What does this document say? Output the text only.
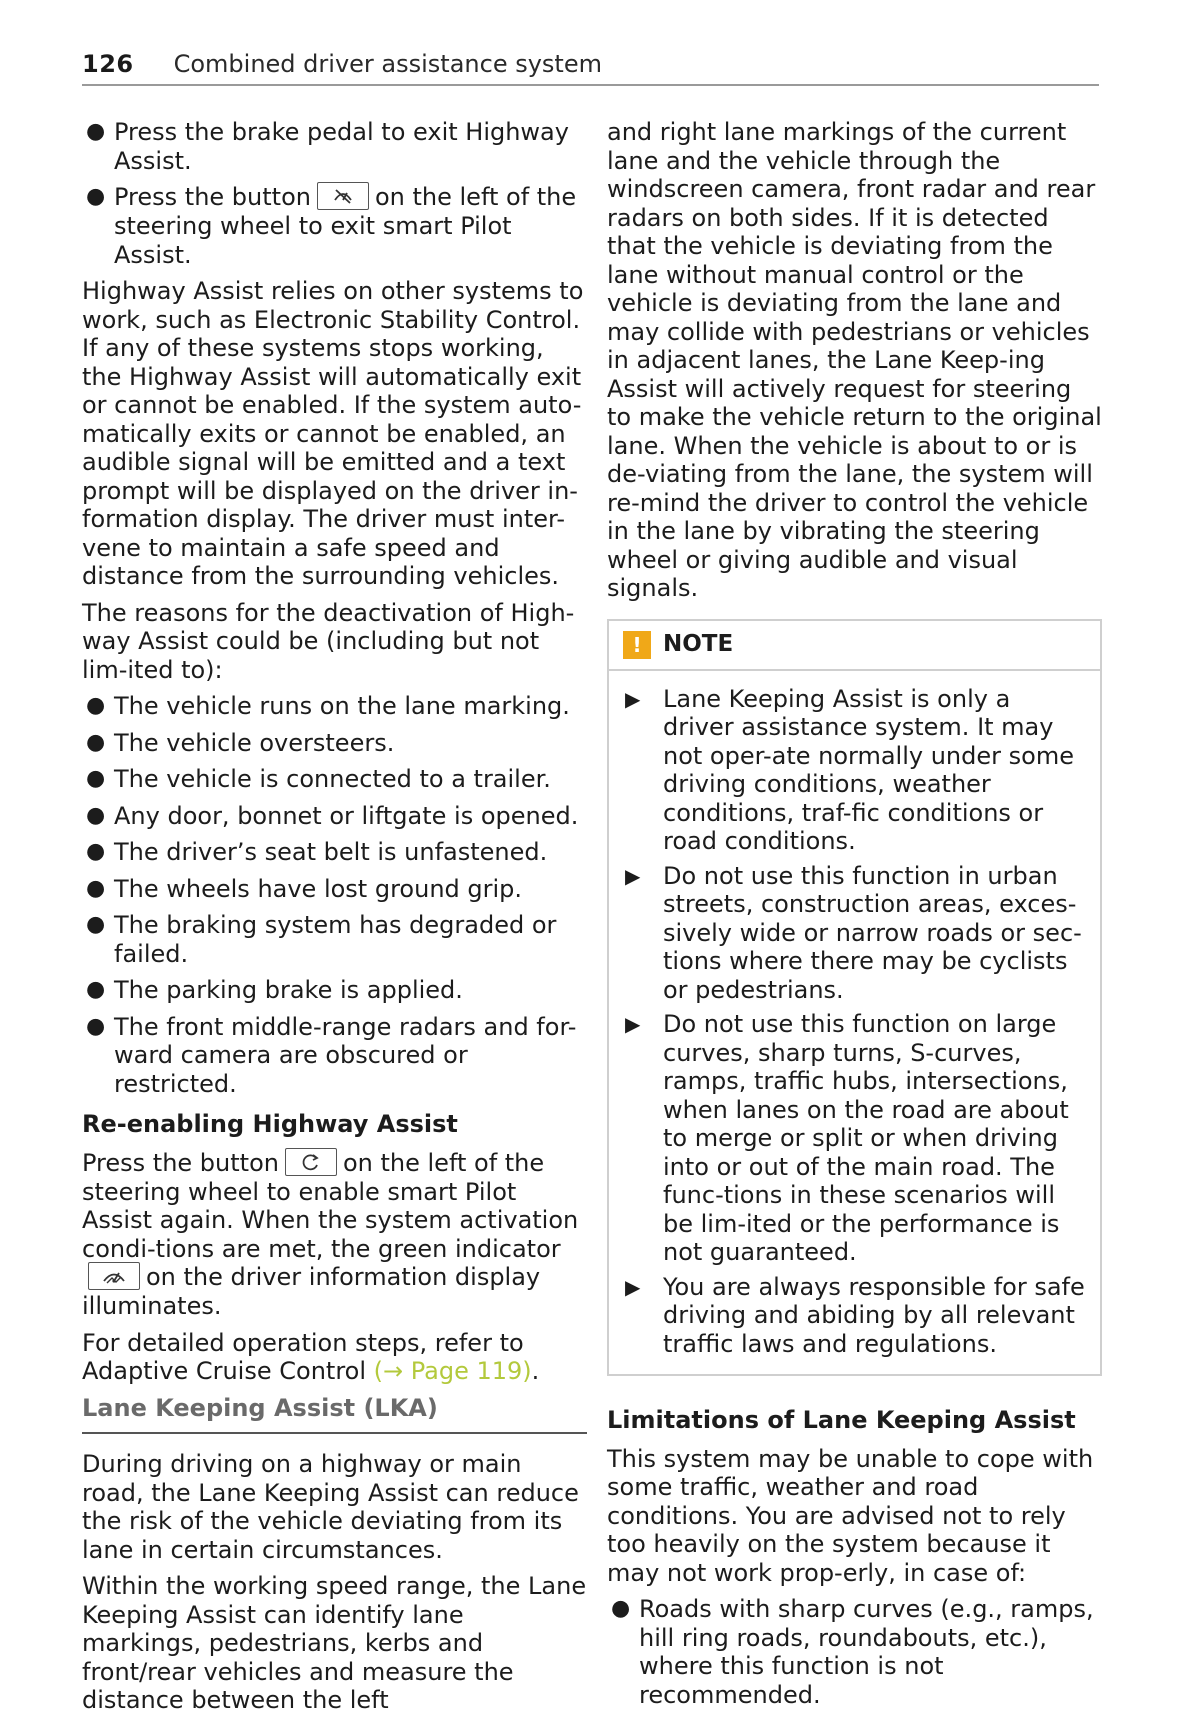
126 Combined driver assistance system
● Press the brake pedal to exit Highway Assist.
● Press the button	on the left of the steering wheel to exit smart Pilot Assist.

Highway Assist relies on other systems to work, such as Electronic Stability Control. If any of these systems stops working, the Highway Assist will automatically exit or cannot be enabled. If the system auto-matically exits or cannot be enabled, an audible signal will be emitted and a text prompt will be displayed on the driver in-formation display. The driver must inter-vene to maintain a safe speed and distance from the surrounding vehicles.

The reasons for the deactivation of High-way Assist could be (including but not lim-ited to):

● The vehicle runs on the lane marking.
● The vehicle oversteers.
● The vehicle is connected to a trailer.
● Any door, bonnet or liftgate is opened.
● The driver’s seat belt is unfastened.
● The wheels have lost ground grip.
● The braking system has degraded or failed.
● The parking brake is applied.
● The front middle-range radars and for-ward camera are obscured or restricted.
Re-enabling Highway Assist

Press the button	on the left of the steering wheel to enable smart Pilot Assist again. When the system activation condi-tions are met, the green indicatoron the driver information display illuminates.

For detailed operation steps, refer to Adaptive Cruise Control (→ Page 119).

Lane Keeping Assist (LKA)

During driving on a highway or main road, the Lane Keeping Assist can reduce the risk of the vehicle deviating from its lane in certain circumstances.

Within the working speed range, the Lane Keeping Assist can identify lane markings, pedestrians, kerbs and front/rear vehicles and measure the distance between the left

and right lane markings of the current lane and the vehicle through the windscreen camera, front radar and rear radars on both sides. If it is detected that the vehicle is deviating from the lane without manual control or the vehicle is deviating from the lane and may collide with pedestrians or vehicles in adjacent lanes, the Lane Keep-ing Assist will actively request for steering to make the vehicle return to the original lane. When the vehicle is about to or is de-viating from the lane, the system will re-mind the driver to control the vehicle in the lane by vibrating the steering wheel or giving audible and visual signals.

! NOTE
▶ Lane Keeping Assist is only a driver assistance system. It may not oper-ate normally under some driving conditions, weather conditions, traf-fic conditions or road conditions.
▶ Do not use this function in urban streets, construction areas, exces-sively wide or narrow roads or sec-tions where there may be cyclists or pedestrians.
▶ Do not use this function on large curves, sharp turns, S-curves, ramps, traffic hubs, intersections, when lanes on the road are about to merge or split or when driving into or out of the main road. The func-tions in these scenarios will be lim-ited or the performance is not guaranteed.
▶ You are always responsible for safe driving and abiding by all relevant traffic laws and regulations.
Limitations of Lane Keeping Assist

This system may be unable to cope with some traffic, weather and road conditions. You are advised not to rely too heavily on the system because it may not work prop-erly, in case of:

● Roads with sharp curves (e.g., ramps, hill ring roads, roundabouts, etc.), where this function is not recommended.
